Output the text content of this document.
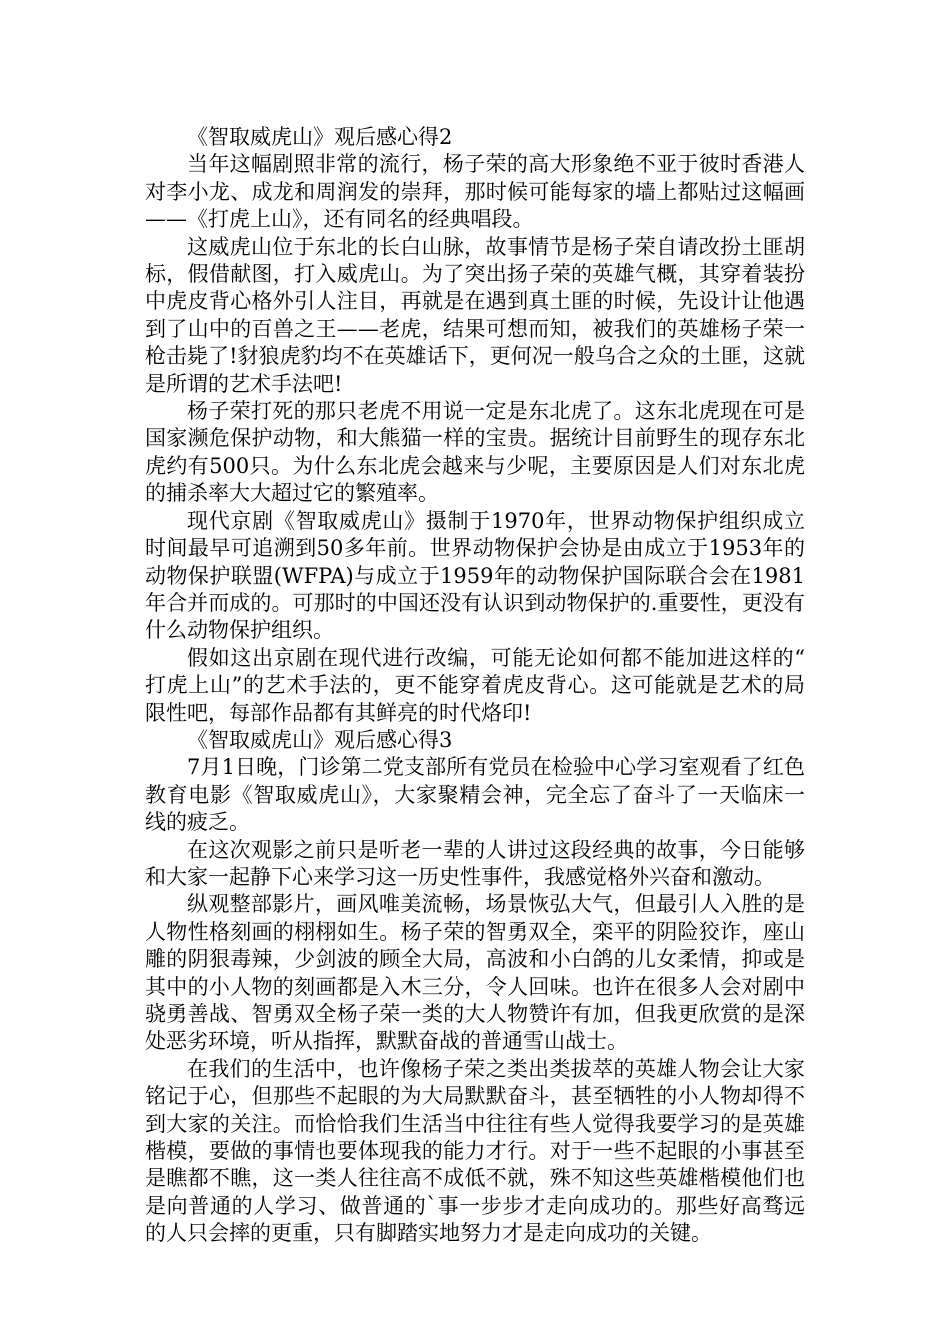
《智取威虎山》观后感心得2

当年这幅剧照非常的流行，杨子荣的高大形象绝不亚于彼时香港人对李小龙、成龙和周润发的崇拜，那时候可能每家的墙上都贴过这幅画——《打虎上山》，还有同名的经典唱段。

这威虎山位于东北的长白山脉，故事情节是杨子荣自请改扮土匪胡标，假借献图，打入威虎山。为了突出扬子荣的英雄气概，其穿着装扮中虎皮背心格外引人注目，再就是在遇到真土匪的时候，先设计让他遇到了山中的百兽之王——老虎，结果可想而知，被我们的英雄杨子荣一枪击毙了!豺狼虎豹均不在英雄话下，更何况一般乌合之众的土匪，这就是所谓的艺术手法吧!

杨子荣打死的那只老虎不用说一定是东北虎了。这东北虎现在可是国家濒危保护动物，和大熊猫一样的宝贵。据统计目前野生的现存东北虎约有500只。为什么东北虎会越来与少呢，主要原因是人们对东北虎的捕杀率大大超过它的繁殖率。

现代京剧《智取威虎山》摄制于1970年，世界动物保护组织成立时间最早可追溯到50多年前。世界动物保护会协是由成立于1953年的动物保护联盟(WFPA)与成立于1959年的动物保护国际联合会在1981年合并而成的。可那时的中国还没有认识到动物保护的.重要性，更没有什么动物保护组织。

假如这出京剧在现代进行改编，可能无论如何都不能加进这样的“打虎上山”的艺术手法的，更不能穿着虎皮背心。这可能就是艺术的局限性吧，每部作品都有其鲜亮的时代烙印!

《智取威虎山》观后感心得3

7月1日晚，门诊第二党支部所有党员在检验中心学习室观看了红色教育电影《智取威虎山》，大家聚精会神，完全忘了奋斗了一天临床一线的疲乏。

在这次观影之前只是听老一辈的人讲过这段经典的故事，今日能够和大家一起静下心来学习这一历史性事件，我感觉格外兴奋和激动。

纵观整部影片，画风唯美流畅，场景恢弘大气，但最引人入胜的是人物性格刻画的栩栩如生。杨子荣的智勇双全，栾平的阴险狡诈，座山雕的阴狠毒辣，少剑波的顾全大局，高波和小白鸽的儿女柔情，抑或是其中的小人物的刻画都是入木三分，令人回味。也许在很多人会对剧中骁勇善战、智勇双全杨子荣一类的大人物赞许有加，但我更欣赏的是深处恶劣环境，听从指挥，默默奋战的普通雪山战士。

在我们的生活中，也许像杨子荣之类出类拔萃的英雄人物会让大家铭记于心，但那些不起眼的为大局默默奋斗，甚至牺牲的小人物却得不到大家的关注。而恰恰我们生活当中往往有些人觉得我要学习的是英雄楷模，要做的事情也要体现我的能力才行。对于一些不起眼的小事甚至是瞧都不瞧，这一类人往往高不成低不就，殊不知这些英雄楷模他们也是向普通的人学习、做普通的`事一步步才走向成功的。那些好高骛远的人只会摔的更重，只有脚踏实地努力才是走向成功的关键。
